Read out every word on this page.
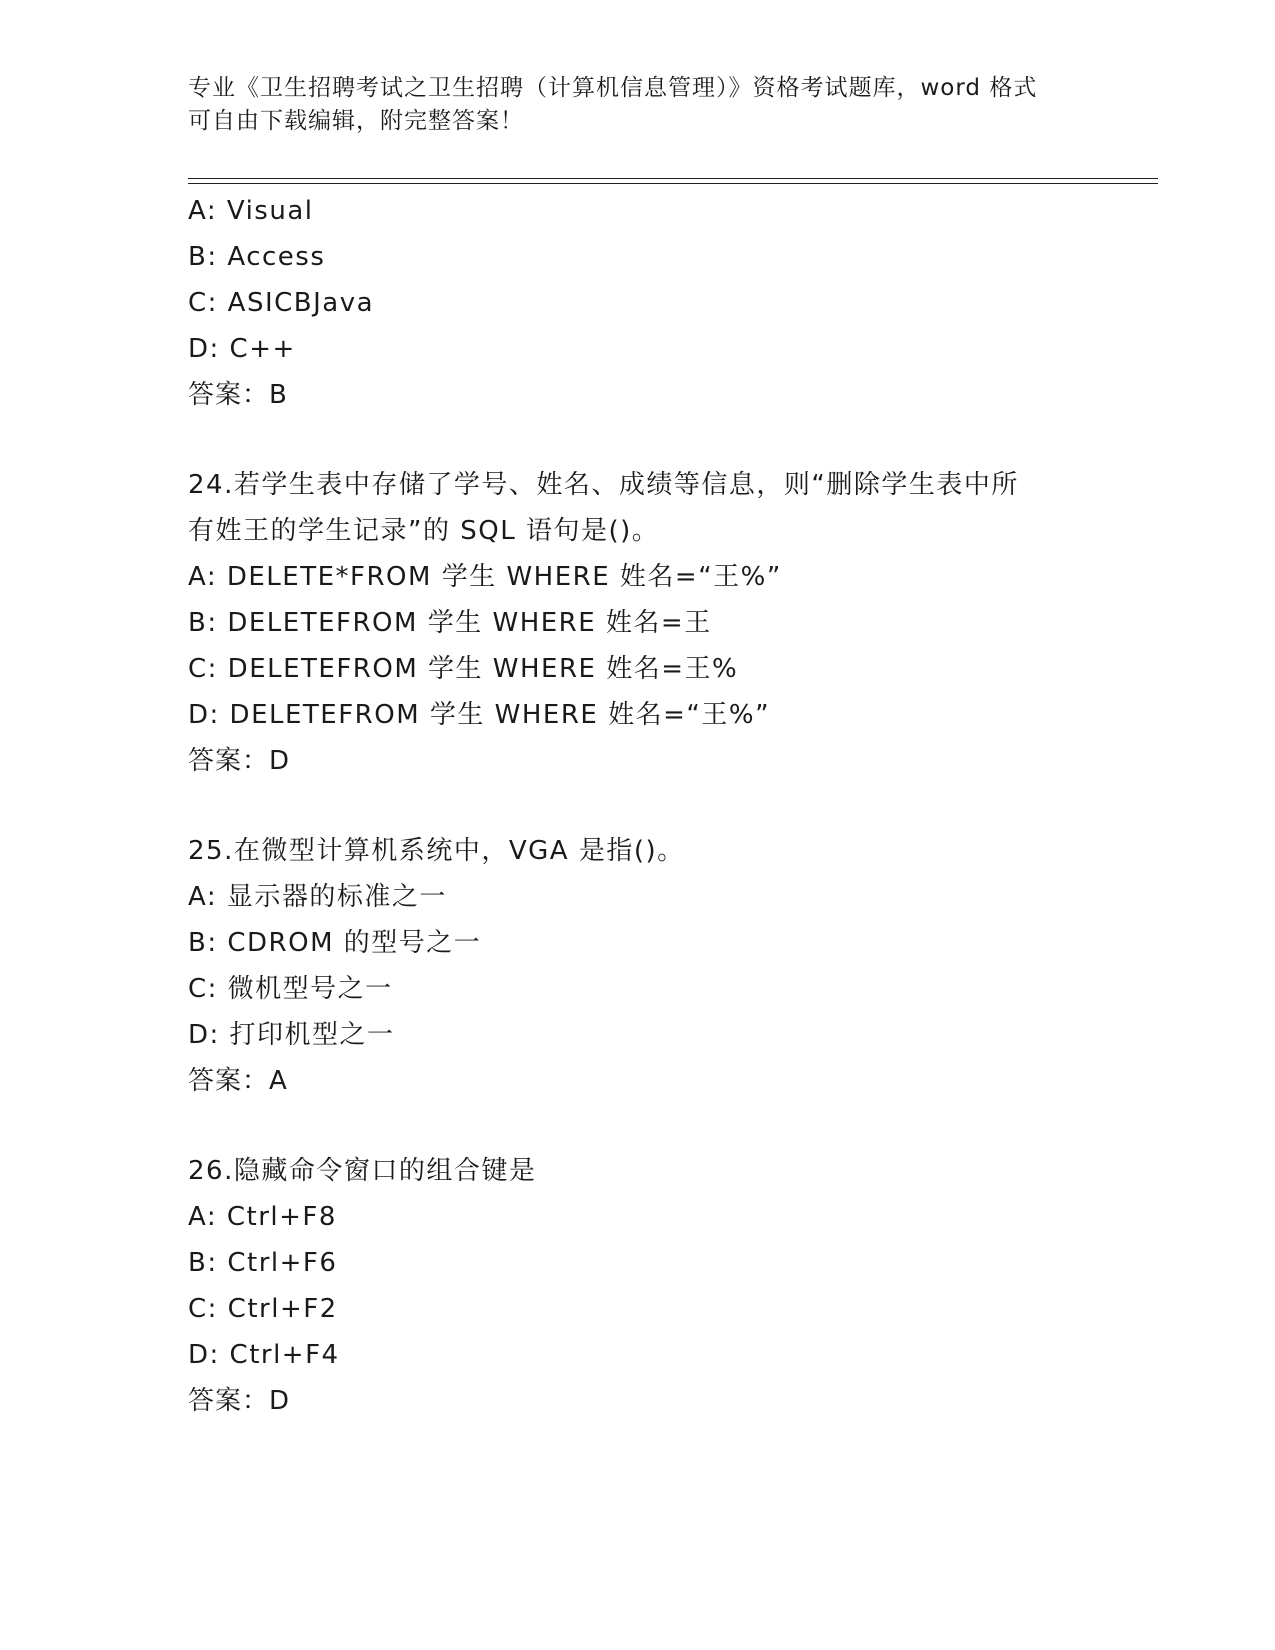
专业《卫生招聘考试之卫生招聘（计算机信息管理）》资格考试题库，word 格式
可自由下载编辑，附完整答案！
A: Visual
B: Access
C: ASICBJava
D: C++
答案：B
24.若学生表中存储了学号、姓名、成绩等信息，则“删除学生表中所
有姓王的学生记录”的 SQL 语句是()。
A: DELETE*FROM 学生 WHERE 姓名=“王%”
B: DELETEFROM 学生 WHERE 姓名=王
C: DELETEFROM 学生 WHERE 姓名=王%
D: DELETEFROM 学生 WHERE 姓名=“王%”
答案：D
25.在微型计算机系统中，VGA 是指()。
A: 显示器的标准之一
B: CDROM 的型号之一
C: 微机型号之一
D: 打印机型之一
答案：A
26.隐藏命令窗口的组合键是
A: Ctrl+F8
B: Ctrl+F6
C: Ctrl+F2
D: Ctrl+F4
答案：D
